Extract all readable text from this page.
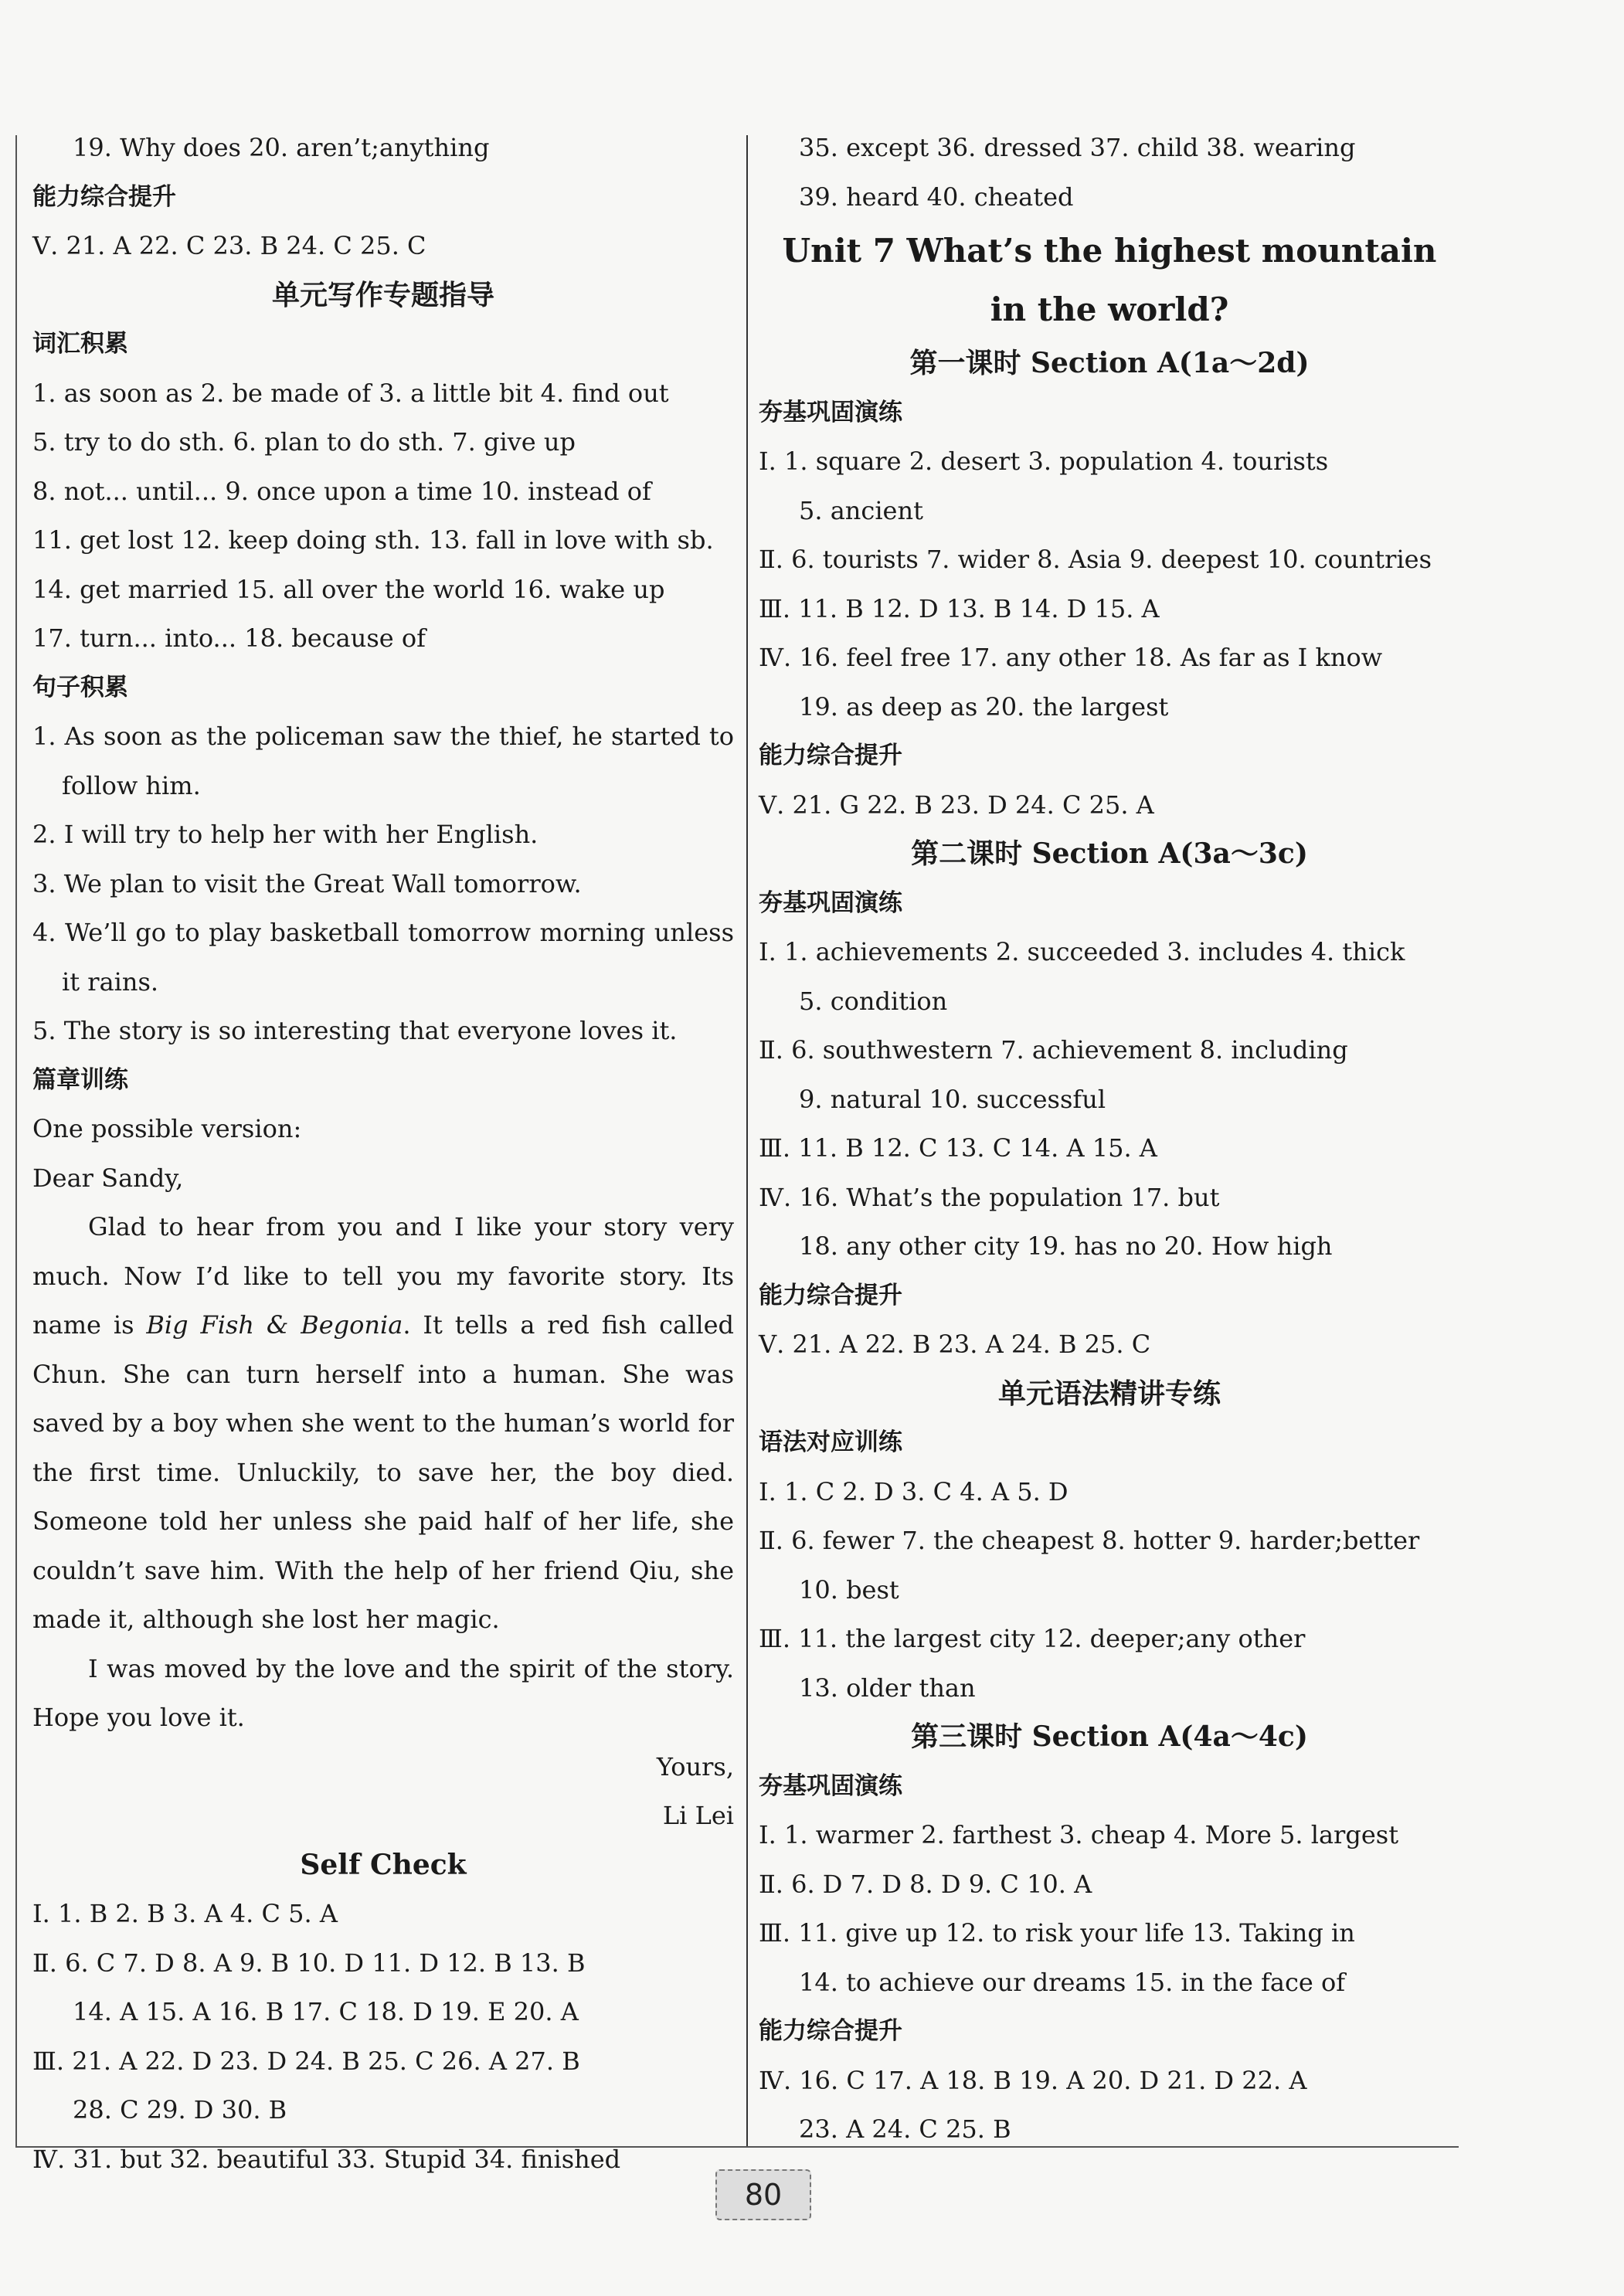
19. Why does 20. aren’t;anything
能力综合提升
Ⅴ. 21. A 22. C 23. B 24. C 25. C
单元写作专题指导
词汇积累
1. as soon as 2. be made of 3. a little bit 4. find out
5. try to do sth. 6. plan to do sth. 7. give up
8. not... until... 9. once upon a time 10. instead of
11. get lost 12. keep doing sth. 13. fall in love with sb.
14. get married 15. all over the world 16. wake up
17. turn... into... 18. because of
句子积累
1. As soon as the policeman saw the thief, he started to follow him.
2. I will try to help her with her English.
3. We plan to visit the Great Wall tomorrow.
4. We’ll go to play basketball tomorrow morning unless it rains.
5. The story is so interesting that everyone loves it.
篇章训练
One possible version:
Dear Sandy,
Glad to hear from you and I like your story very much. Now I’d like to tell you my favorite story. Its name is Big Fish & Begonia. It tells a red fish called Chun. She can turn herself into a human. She was saved by a boy when she went to the human’s world for the first time. Unluckily, to save her, the boy died. Someone told her unless she paid half of her life, she couldn’t save him. With the help of her friend Qiu, she made it, although she lost her magic.
I was moved by the love and the spirit of the story. Hope you love it.
Yours,
Li Lei
Self Check
Ⅰ. 1. B 2. B 3. A 4. C 5. A
Ⅱ. 6. C 7. D 8. A 9. B 10. D 11. D 12. B 13. B
14. A 15. A 16. B 17. C 18. D 19. E 20. A
Ⅲ. 21. A 22. D 23. D 24. B 25. C 26. A 27. B
28. C 29. D 30. B
Ⅳ. 31. but 32. beautiful 33. Stupid 34. finished
35. except 36. dressed 37. child 38. wearing
39. heard 40. cheated
Unit 7 What’s the highest mountain
in the world?
第一课时 Section A(1a～2d)
夯基巩固演练
Ⅰ. 1. square 2. desert 3. population 4. tourists
5. ancient
Ⅱ. 6. tourists 7. wider 8. Asia 9. deepest 10. countries
Ⅲ. 11. B 12. D 13. B 14. D 15. A
Ⅳ. 16. feel free 17. any other 18. As far as I know
19. as deep as 20. the largest
能力综合提升
Ⅴ. 21. G 22. B 23. D 24. C 25. A
第二课时 Section A(3a～3c)
夯基巩固演练
Ⅰ. 1. achievements 2. succeeded 3. includes 4. thick
5. condition
Ⅱ. 6. southwestern 7. achievement 8. including
9. natural 10. successful
Ⅲ. 11. B 12. C 13. C 14. A 15. A
Ⅳ. 16. What’s the population 17. but
18. any other city 19. has no 20. How high
能力综合提升
Ⅴ. 21. A 22. B 23. A 24. B 25. C
单元语法精讲专练
语法对应训练
Ⅰ. 1. C 2. D 3. C 4. A 5. D
Ⅱ. 6. fewer 7. the cheapest 8. hotter 9. harder;better
10. best
Ⅲ. 11. the largest city 12. deeper;any other
13. older than
第三课时 Section A(4a～4c)
夯基巩固演练
Ⅰ. 1. warmer 2. farthest 3. cheap 4. More 5. largest
Ⅱ. 6. D 7. D 8. D 9. C 10. A
Ⅲ. 11. give up 12. to risk your life 13. Taking in
14. to achieve our dreams 15. in the face of
能力综合提升
Ⅳ. 16. C 17. A 18. B 19. A 20. D 21. D 22. A
23. A 24. C 25. B
80
